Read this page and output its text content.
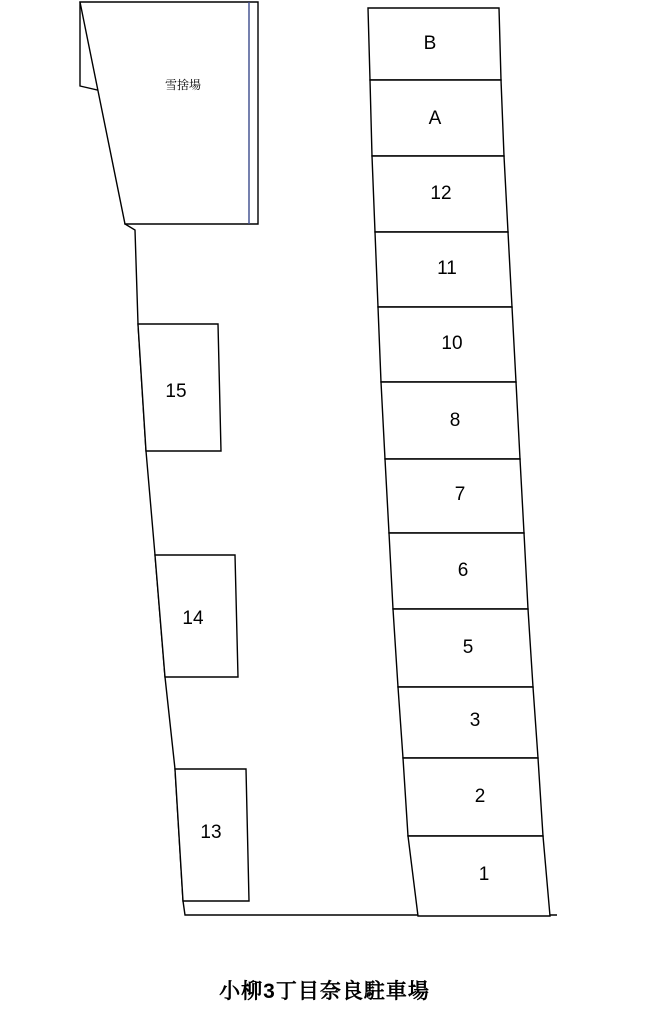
雪捨場
B
A
12
11
10
8
7
6
5
3
2
1
15
14
13
小柳3丁目奈良駐車場
